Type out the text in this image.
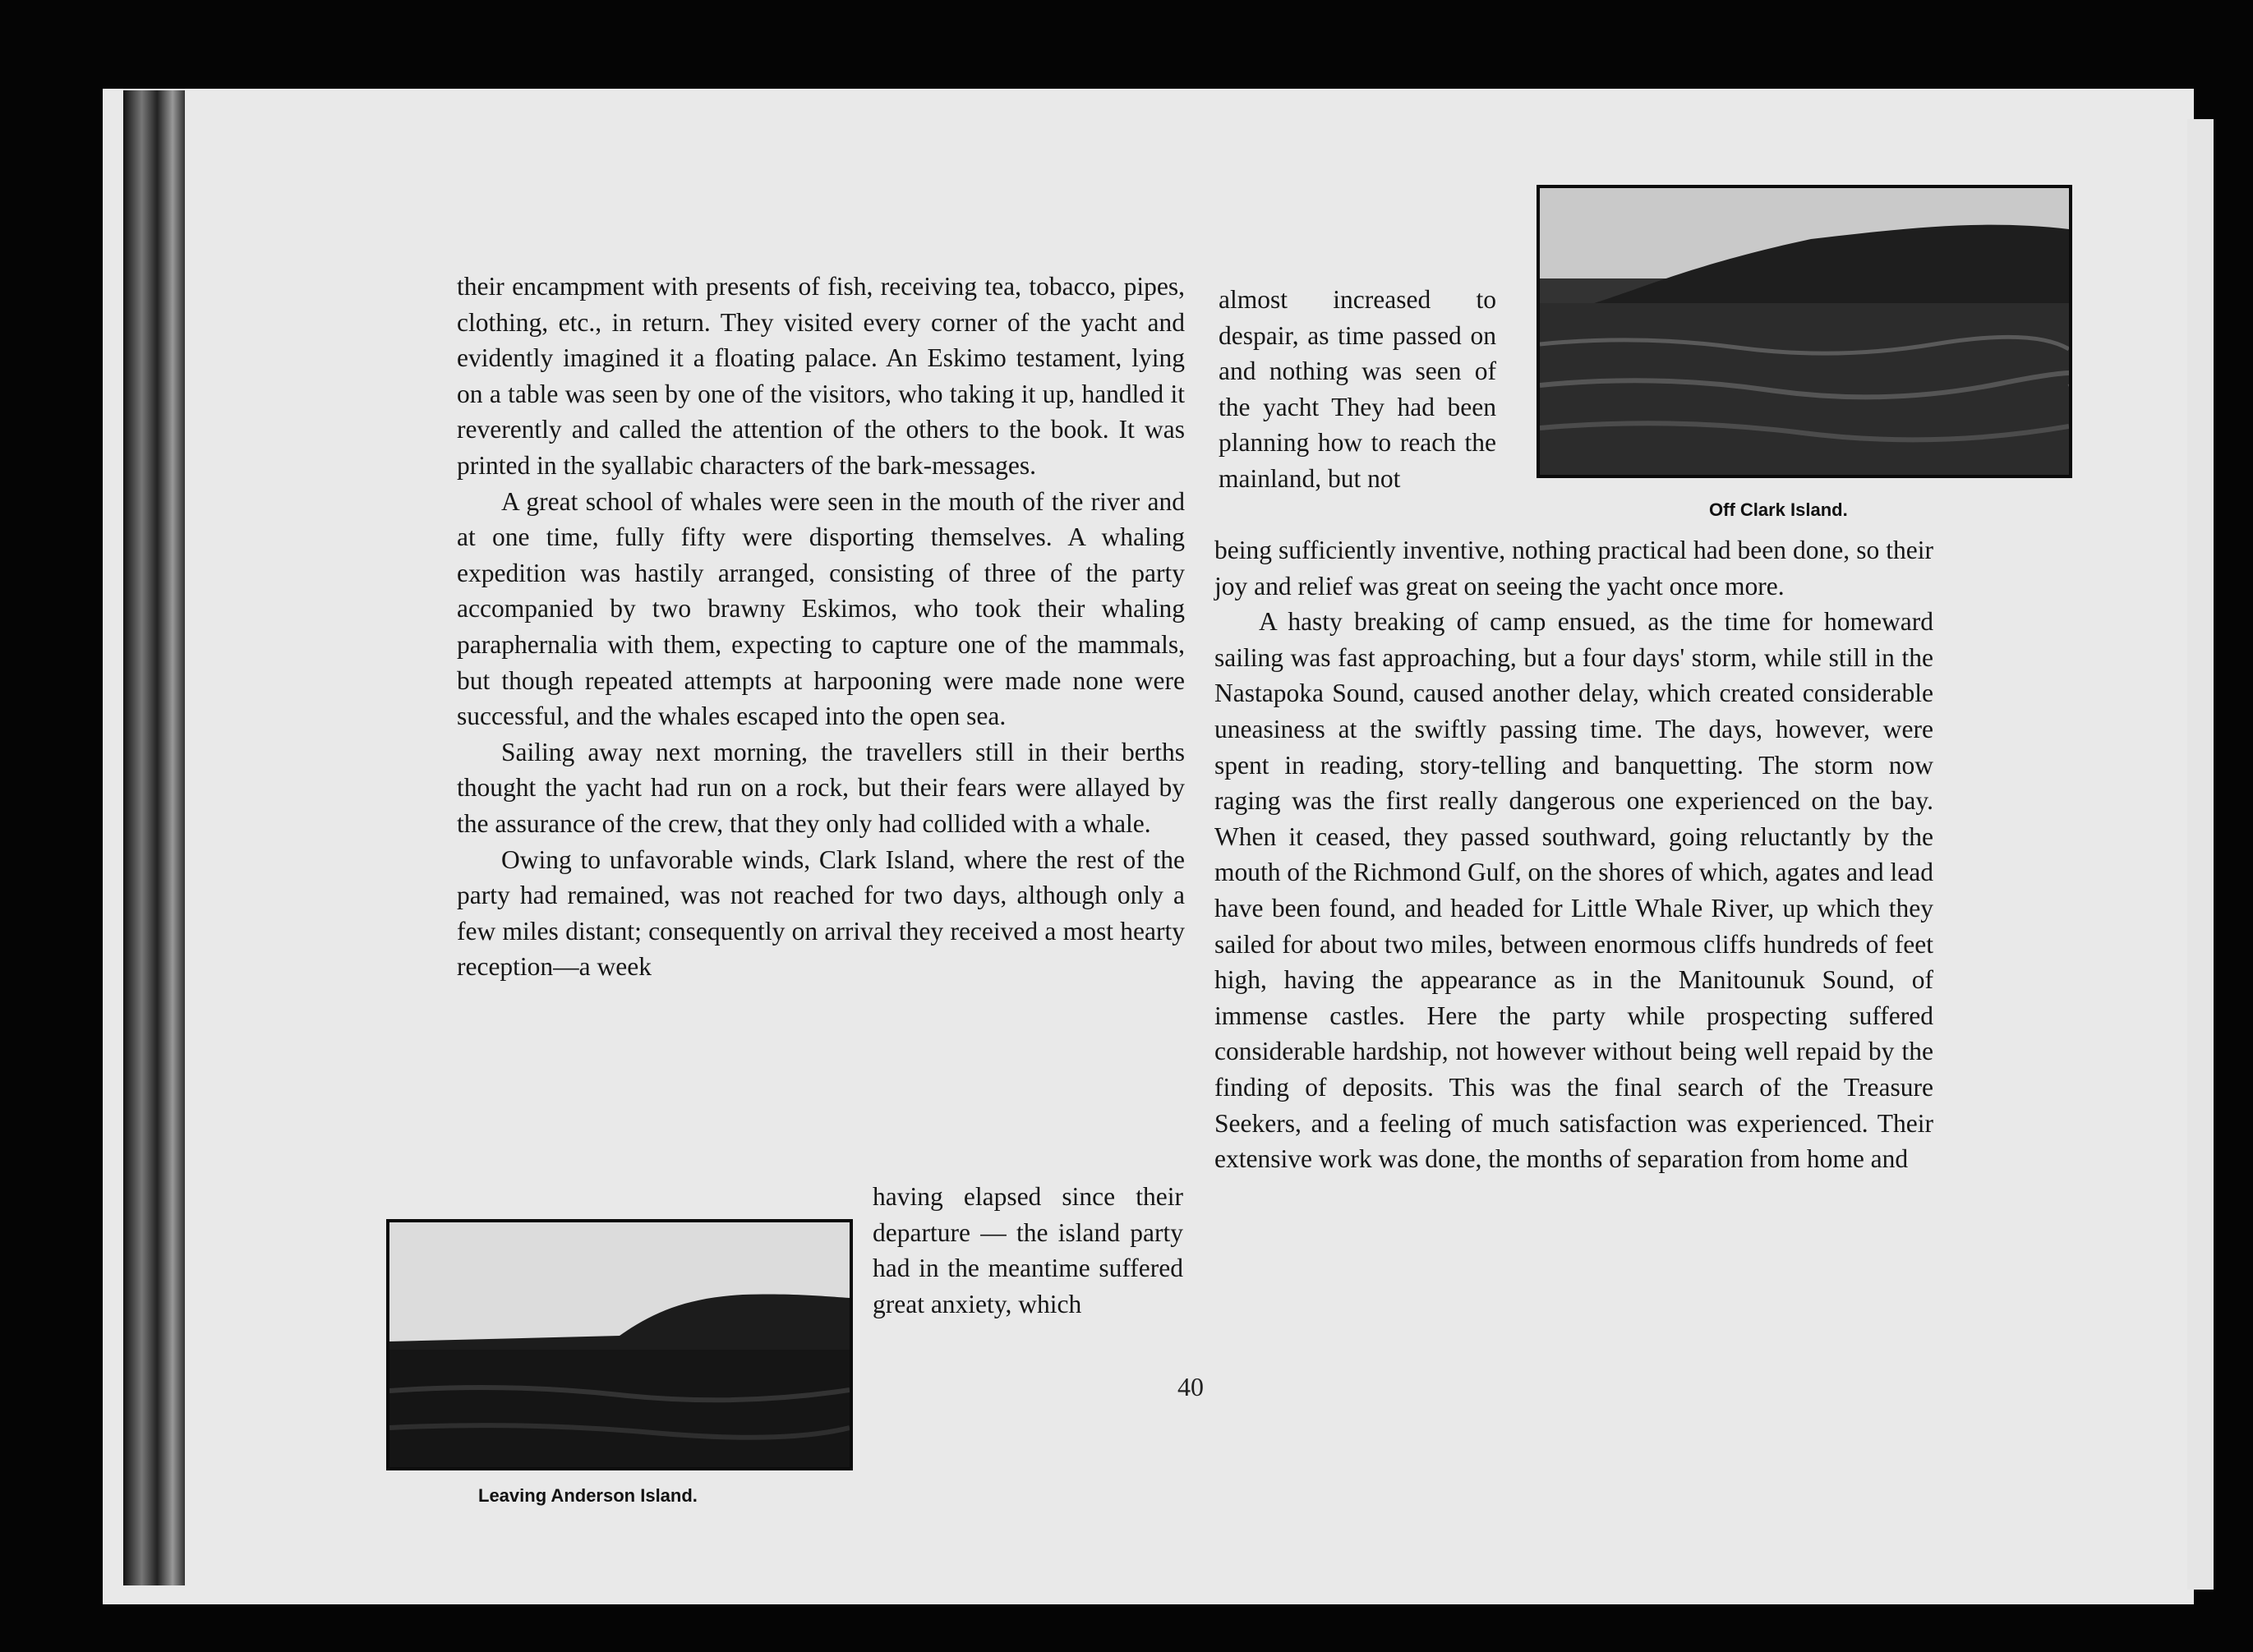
their encampment with presents of fish, receiving tea, tobacco, pipes, clothing, etc., in return. They visited every corner of the yacht and evidently imagined it a floating palace. An Eskimo testament, lying on a table was seen by one of the visitors, who taking it up, handled it reverently and called the attention of the others to the book. It was printed in the syallabic characters of the bark-messages.

A great school of whales were seen in the mouth of the river and at one time, fully fifty were disporting themselves. A whaling expedition was hastily arranged, consisting of three of the party accompanied by two brawny Eskimos, who took their whaling paraphernalia with them, expecting to capture one of the mammals, but though repeated attempts at harpooning were made none were successful, and the whales escaped into the open sea.

Sailing away next morning, the travellers still in their berths thought the yacht had run on a rock, but their fears were allayed by the assurance of the crew, that they only had collided with a whale.

Owing to unfavorable winds, Clark Island, where the rest of the party had remained, was not reached for two days, although only a few miles distant; consequently on arrival they received a most hearty reception—a week

having elapsed since their departure — the island party had in the meantime suffered great anxiety, which

almost increased to despair, as time passed on and nothing was seen of the yacht They had been planning how to reach the mainland, but not

being sufficiently inventive, nothing practical had been done, so their joy and relief was great on seeing the yacht once more.

A hasty breaking of camp ensued, as the time for homeward sailing was fast approaching, but a four days' storm, while still in the Nastapoka Sound, caused another delay, which created considerable uneasiness at the swiftly passing time. The days, however, were spent in reading, story-telling and banquetting. The storm now raging was the first really dangerous one experienced on the bay. When it ceased, they passed southward, going reluctantly by the mouth of the Richmond Gulf, on the shores of which, agates and lead have been found, and headed for Little Whale River, up which they sailed for about two miles, between enormous cliffs hundreds of feet high, having the appearance as in the Manitounuk Sound, of immense castles. Here the party while prospecting suffered considerable hardship, not however without being well repaid by the finding of deposits. This was the final search of the Treasure Seekers, and a feeling of much satisfaction was experienced. Their extensive work was done, the months of separation from home and

Off Clark Island.
Leaving Anderson Island.
40
